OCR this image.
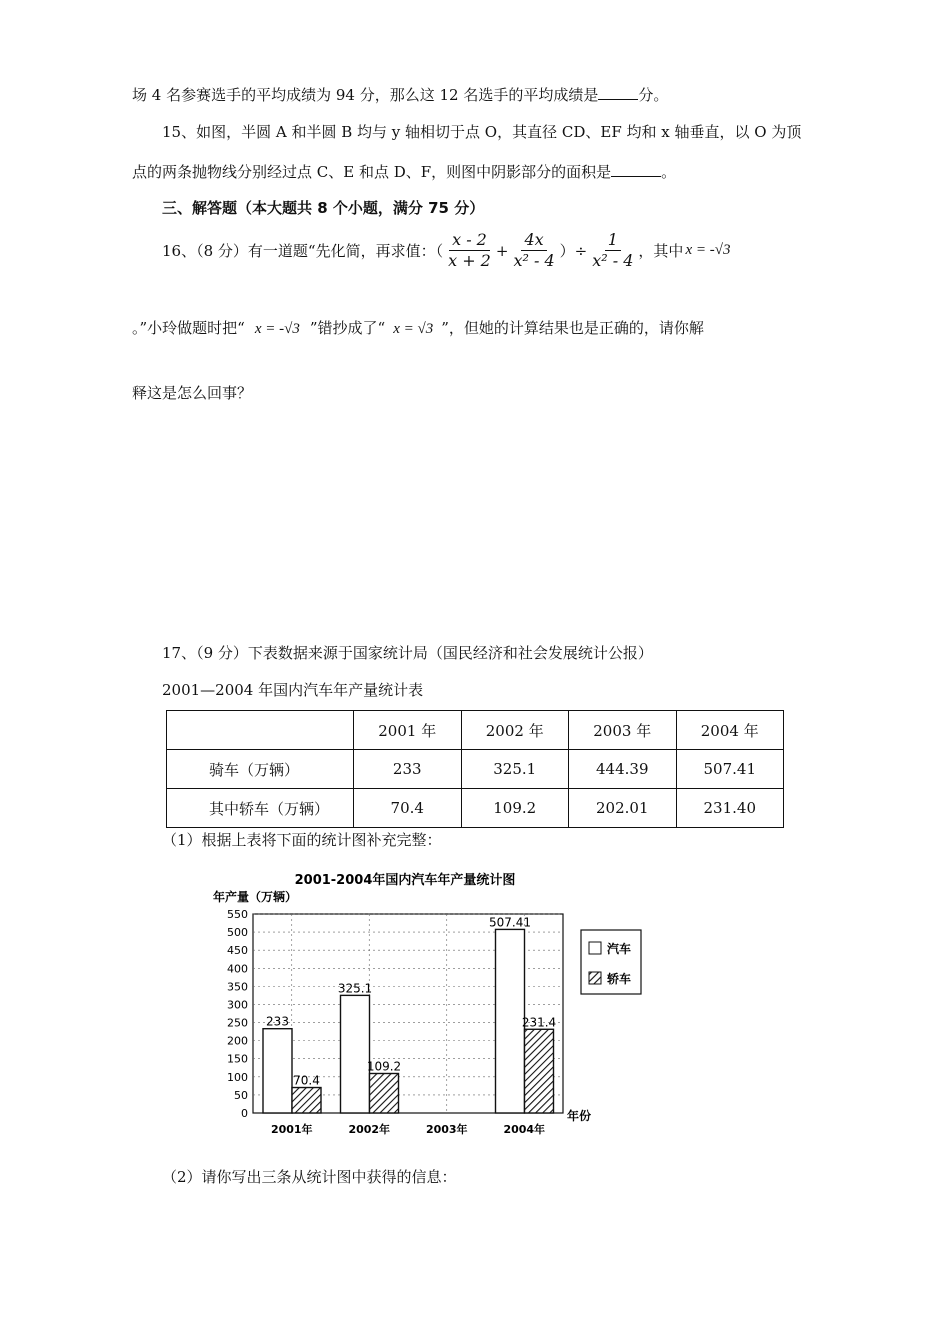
场 4 名参赛选手的平均成绩为 94 分，那么这 12 名选手的平均成绩是	分。
15、如图，半圆 A 和半圆 B 均与 y 轴相切于点 O，其直径 CD、EF 均和 x 轴垂直，以 O 为顶
点的两条抛物线分别经过点 C、E 和点 D、F，则图中阴影部分的面积是	。
三、解答题（本大题共 8 个小题，满分 75 分）
16、（8 分）有一道题“先化简，再求值：（ $\frac{x - 2}{x + 2} + \frac{4x}{\text{x² - 4}}$ ）÷ $\frac{1}{\text{x² - 4}}$ ，其中 x = -√3
。”小玲做题时把“ x = -√3 ”错抄成了“ x = √3 ”，但她的计算结果也是正确的，请你解
释这是怎么回事？
17、（9 分）下表数据来源于国家统计局（国民经济和社会发展统计公报）
2001—2004 年国内汽车年产量统计表
	2001 年	2002 年	2003 年	2004 年
骑车（万辆）	233	325.1	444.39	507.41
其中轿车（万辆）	70.4	109.2	202.01	231.40
（1）根据上表将下面的统计图补充完整：
2001-2004年国内汽车年产量统计图
年产量（万辆）
年份
0
50
100
150
200
250
300
350
400
450
500
550
233
70.4
325.1
109.2
507.41
231.4
2001年	2002年	2003年	2004年
汽车
轿车
（2）请你写出三条从统计图中获得的信息：
